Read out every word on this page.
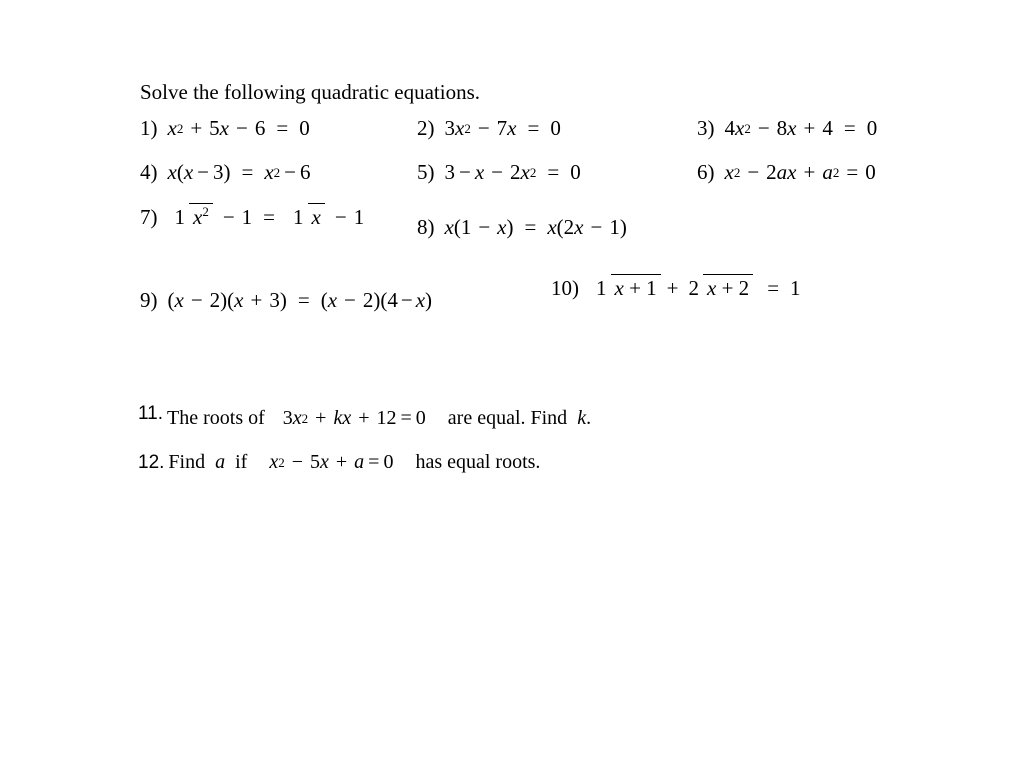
Solve the following quadratic equations.
1) x 2 + 5 x − 6 = 0	2) 3 x 2 − 7 x = 0	3) 4 x 2 − 8 x + 4 = 0
4) x ( x − 3) = x 2 − 6	5) 3 − x − 2 x 2 = 0	6) x 2 − 2 ax + a 2 = 0
7) 1 $x^2 - 1 = 1$ x − 1	8) x (1 − x ) = x (2 x − 1)
9) ( x − 2)( x + 3) = ( x − 2)(4 − x )
10) 1 x + 1 + 2 x + 2 = 1
11. The roots of 3 x 2 + kx + 12 = 0 are equal. Find k .
12. Find a if x 2 − 5 x + a = 0 has equal roots.
